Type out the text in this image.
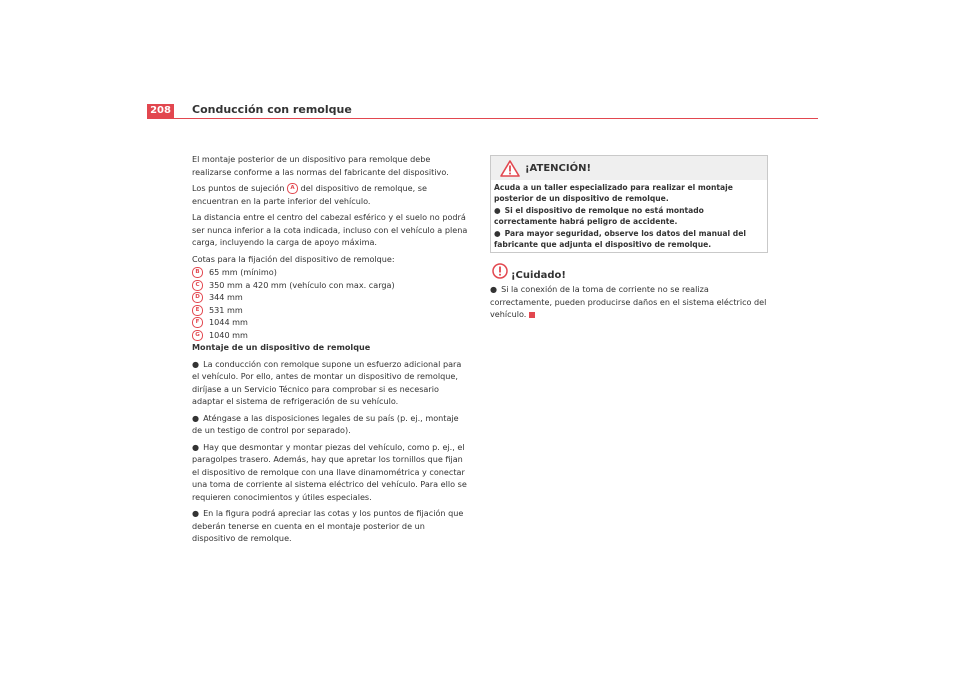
208 Conducción con remolque

El montaje posterior de un dispositivo para remolque debe realizarse conforme a las normas del fabricante del dispositivo.

Los puntos de sujeción A del dispositivo de remolque, se encuentran en la parte inferior del vehículo.

La distancia entre el centro del cabezal esférico y el suelo no podrá ser nunca inferior a la cota indicada, incluso con el vehículo a plena carga, incluyendo la carga de apoyo máxima.

Cotas para la fijación del dispositivo de remolque:

B 65 mm (mínimo)
C 350 mm a 420 mm (vehículo con max. carga)
D 344 mm
E 531 mm
F 1044 mm
G 1040 mm

Montaje de un dispositivo de remolque

● La conducción con remolque supone un esfuerzo adicional para el vehículo. Por ello, antes de montar un dispositivo de remolque, diríjase a un Servicio Técnico para comprobar si es necesario adaptar el sistema de refrigeración de su vehículo.

● Aténgase a las disposiciones legales de su país (p. ej., montaje de un testigo de control por separado).

● Hay que desmontar y montar piezas del vehículo, como p. ej., el paragolpes trasero. Además, hay que apretar los tornillos que fijan el dispositivo de remolque con una llave dinamométrica y conectar una toma de corriente al sistema eléctrico del vehículo. Para ello se requieren conocimientos y útiles especiales.

● En la figura podrá apreciar las cotas y los puntos de fijación que deberán tenerse en cuenta en el montaje posterior de un dispositivo de remolque.

¡ATENCIÓN!

Acuda a un taller especializado para realizar el montaje posterior de un dispositivo de remolque.

● Si el dispositivo de remolque no está montado correctamente habrá peligro de accidente.

● Para mayor seguridad, observe los datos del manual del fabricante que adjunta el dispositivo de remolque.

¡Cuidado!

● Si la conexión de la toma de corriente no se realiza correctamente, pueden producirse daños en el sistema eléctrico del vehículo.
